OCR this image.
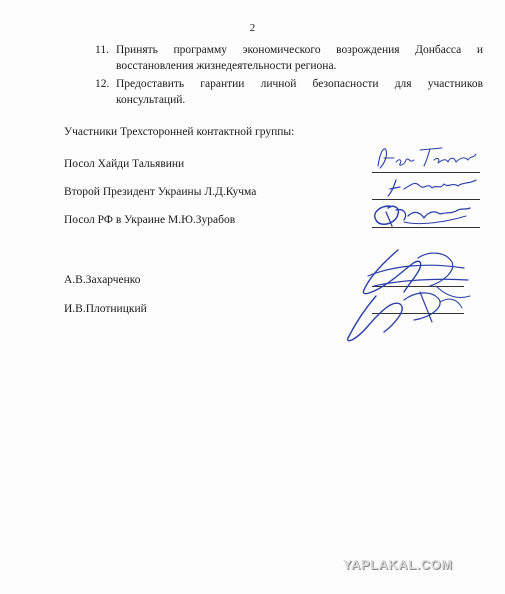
2
11. Принять программу экономического возрождения Донбасса и восстановления жизнедеятельности региона.
12. Предоставить гарантии личной безопасности для участников консультаций.
Участники Трехсторонней контактной группы:
Посол Хайди Тальявини
Второй Президент Украины Л.Д.Кучма
Посол РФ в Украине М.Ю.Зурабов
А.В.Захарченко
И.В.Плотницкий
YAPLAKAL.COM
